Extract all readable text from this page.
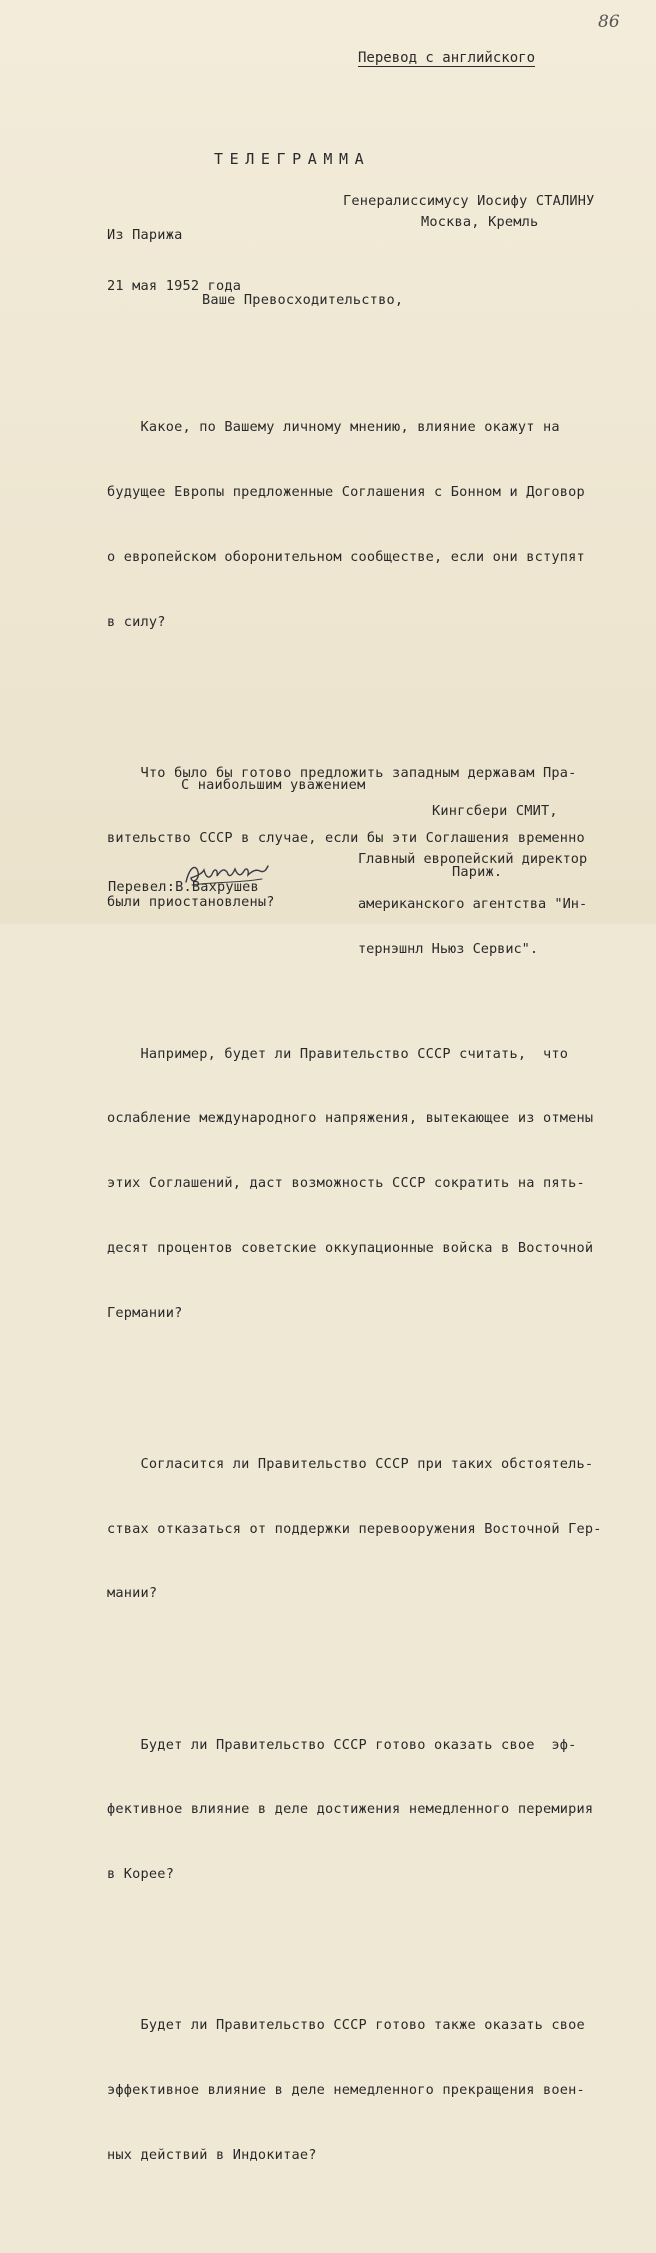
86
Перевод с английского
ТЕЛЕГРАММА

Из Парижа

21 мая 1952 года

Генералиссимусу Иосифу СТАЛИНУ
Москва, Кремль
Ваше Превосходительство,

Какое, по Вашему личному мнению, влияние окажут на

будущее Европы предложенные Соглашения с Бонном и Договор

о европейском оборонительном сообществе, если они вступят

в силу?

Что было бы готово предложить западным державам Пра-

вительство СССР в случае, если бы эти Соглашения временно

были приостановлены?

Например, будет ли Правительство СССР считать,  что

ослабление международного напряжения, вытекающее из отмены

этих Соглашений, даст возможность СССР сократить на пять-

десят процентов советские оккупационные войска в Восточной

Германии?

Согласится ли Правительство СССР при таких обстоятель-

ствах отказаться от поддержки перевооружения Восточной Гер-

мании?

Будет ли Правительство СССР готово оказать свое  эф-

фективное влияние в деле достижения немедленного перемирия

в Корее?

Будет ли Правительство СССР готово также оказать свое

эффективное влияние в деле немедленного прекращения воен-

ных действий в Индокитае?

С наибольшим уважением
Кингсбери СМИТ,

Главный европейский директор

американского агентства "Ин-

тернэшнл Ньюз Сервис".

Париж.
Перевел:В.Вахрушев
